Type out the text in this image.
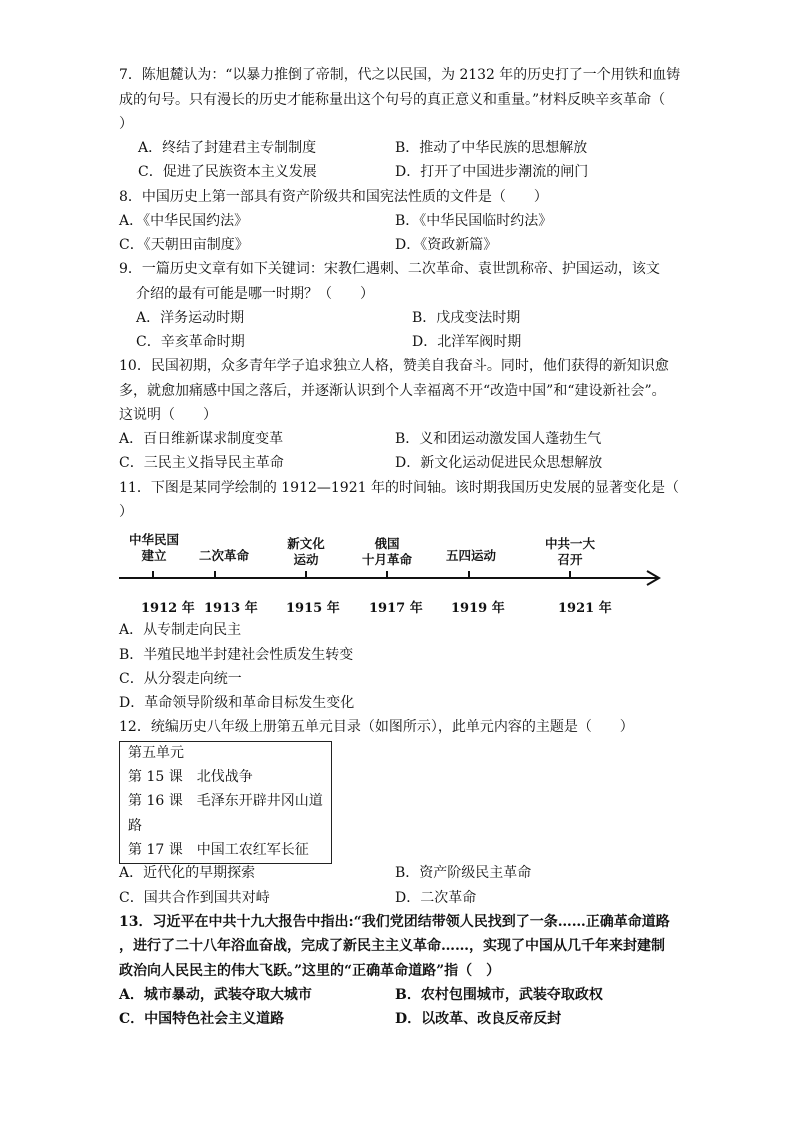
7．陈旭麓认为：“以暴力推倒了帝制，代之以民国，为 2132 年的历史打了一个用铁和血铸
成的句号。只有漫长的历史才能称量出这个句号的真正意义和重量。”材料反映辛亥革命（
）
A．终结了封建君主专制制度	B．推动了中华民族的思想解放
C．促进了民族资本主义发展	D．打开了中国进步潮流的闸门
8．中国历史上第一部具有资产阶级共和国宪法性质的文件是（　　）
A．《中华民国约法》	B．《中华民国临时约法》
C．《天朝田亩制度》	D．《资政新篇》
9．一篇历史文章有如下关键词：宋教仁遇刺、二次革命、袁世凯称帝、护国运动，该文
介绍的最有可能是哪一时期？（　　）
A．洋务运动时期	B．戊戌变法时期
C．辛亥革命时期	D．北洋军阀时期
10．民国初期，众多青年学子追求独立人格，赞美自我奋斗。同时，他们获得的新知识愈
多，就愈加痛感中国之落后，并逐渐认识到个人幸福离不开“改造中国”和“建设新社会”。
这说明（　　）
A．百日维新谋求制度变革	B．义和团运动激发国人蓬勃生气
C．三民主义指导民主革命	D．新文化运动促进民众思想解放
11．下图是某同学绘制的 1912—1921 年的时间轴。该时期我国历史发展的显著变化是（
）
中华民国
建立	二次革命
新文化
运动
俄国
十月革命	五四运动
中共一大
召开
1912 年 1913 年 1915 年 1917 年 1919 年	1921 年
A．从专制走向民主
B．半殖民地半封建社会性质发生转变
C．从分裂走向统一
D．革命领导阶级和革命目标发生变化
12．统编历史八年级上册第五单元目录（如图所示），此单元内容的主题是（　　）
第五单元
第 15 课　北伐战争
第 16 课　毛泽东开辟井冈山道
路
第 17 课　中国工农红军长征
A．近代化的早期探索	B．资产阶级民主革命
C．国共合作到国共对峙	D．二次革命
13．习近平在中共十九大报告中指出:“我们党团结带领人民找到了一条……正确革命道路
，进行了二十八年浴血奋战，完成了新民主主义革命……，实现了中国从几千年来封建制
政治向人民民主的伟大飞跃。”这里的“正确革命道路”指（　）
A．城市暴动，武装夺取大城市	B．农村包围城市，武装夺取政权
C．中国特色社会主义道路	D．以改革、改良反帝反封
